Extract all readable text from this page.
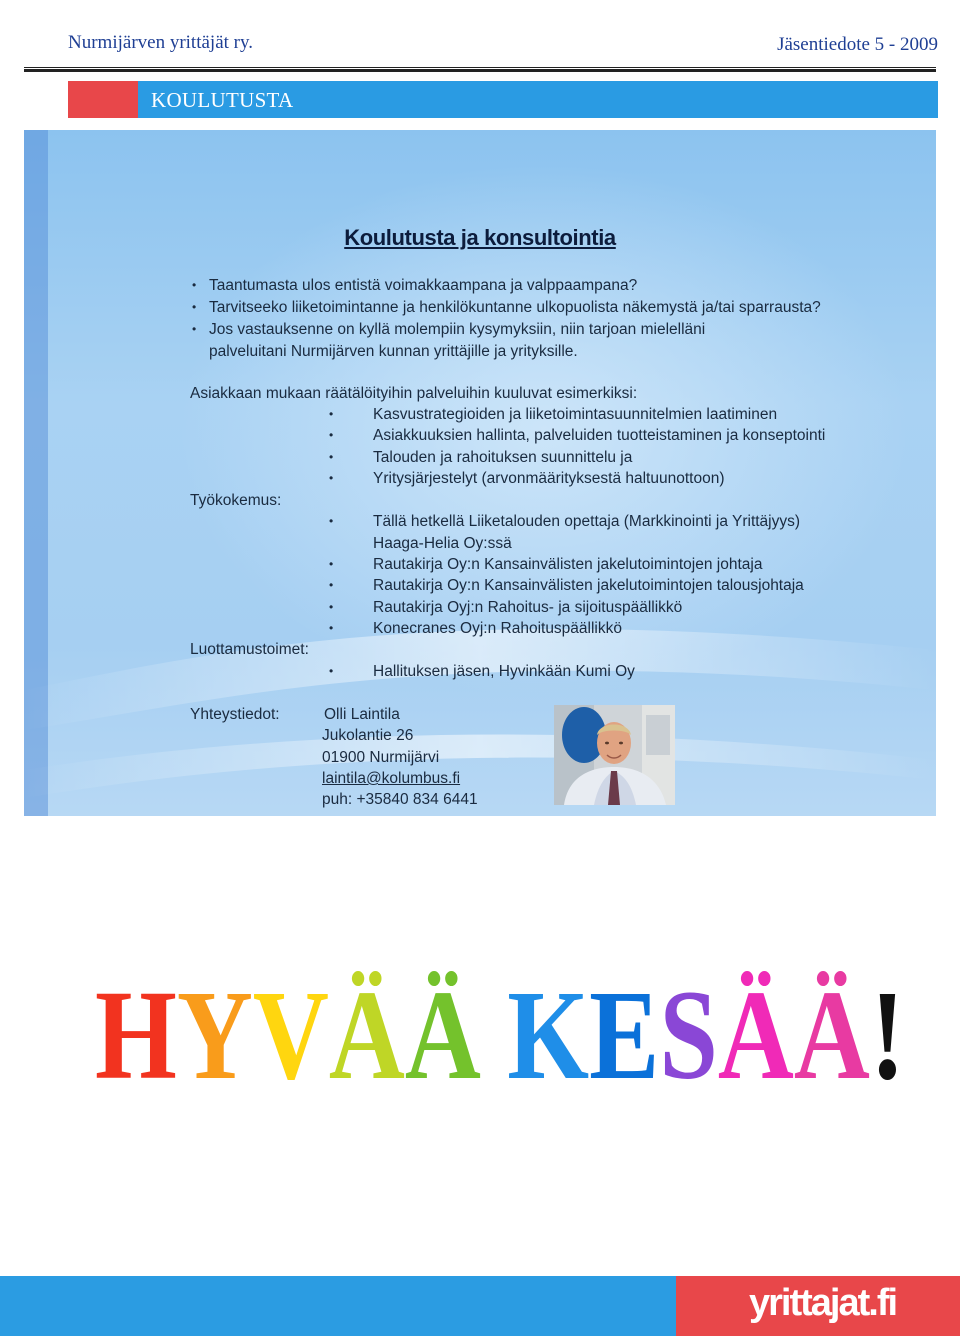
Nurmijärven yrittäjät ry.	Jäsentiedote 5 - 2009
KOULUTUSTA
Koulutusta ja konsultointia
• Taantumasta ulos entistä voimakkaampana ja valppaampana?
• Tarvitseeko liiketoimintanne ja henkilökuntanne ulkopuolista näkemystä ja/tai sparrausta?
• Jos vastauksenne on kyllä molempiin kysymyksiin, niin tarjoan mielelläni
palveluitani Nurmijärven kunnan yrittäjille ja yrityksille.
Asiakkaan mukaan räätälöityihin palveluihin kuuluvat esimerkiksi:
•	Kasvustrategioiden ja liiketoimintasuunnitelmien laatiminen
•	Asiakkuuksien hallinta, palveluiden tuotteistaminen ja konseptointi
•	Talouden ja rahoituksen suunnittelu ja
•	Yritysjärjestelyt (arvonmäärityksestä haltuunottoon)
Työkokemus:
•	Tällä hetkellä Liiketalouden opettaja (Markkinointi ja Yrittäjyys)
Haaga-Helia Oy:ssä
•	Rautakirja Oy:n Kansainvälisten jakelutoimintojen johtaja
•	Rautakirja Oy:n Kansainvälisten jakelutoimintojen talousjohtaja
•	Rautakirja Oyj:n Rahoitus- ja sijoituspäällikkö
•	Konecranes Oyj:n Rahoituspäällikkö
Luottamustoimet:
•	Hallituksen jäsen, Hyvinkään Kumi Oy
Yhteystiedot:	Olli Laintila
Jukolantie 26
01900 Nurmijärvi
laintila@kolumbus.fi
puh: +35840 834 6441
HYVÄÄ KESÄÄ
yrittajat.fi
